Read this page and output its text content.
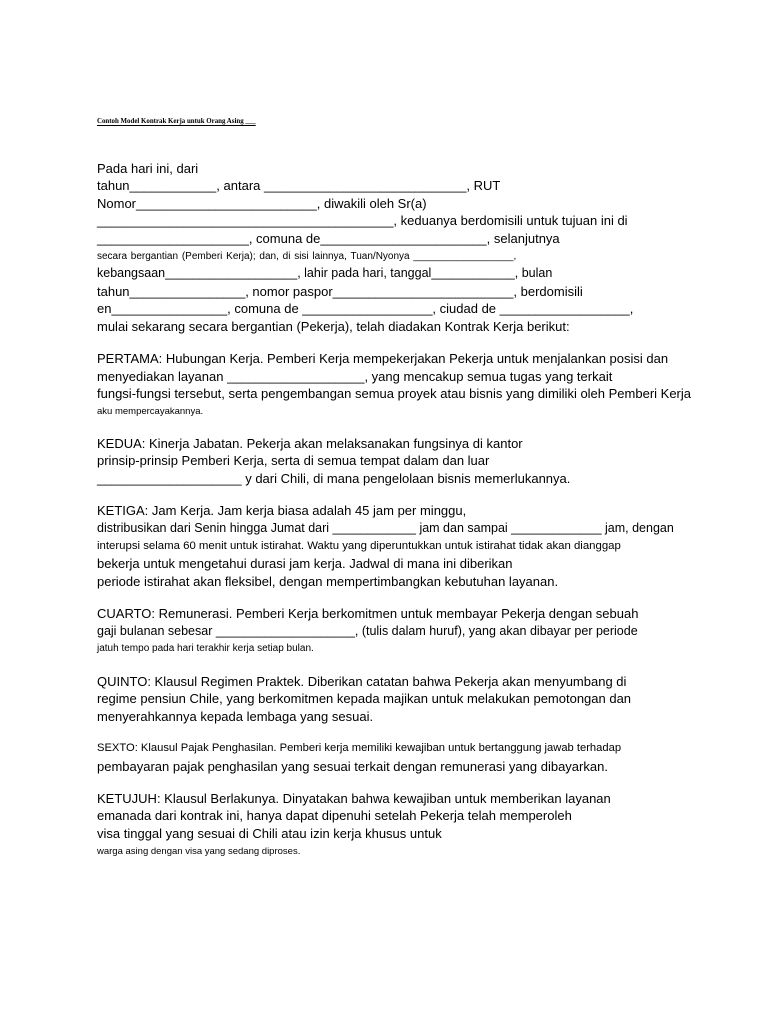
Contoh Model Kontrak Kerja untuk Orang Asing ___
Pada hari ini, dari
tahun____________, antara ____________________________, RUT
Nomor_________________________, diwakili oleh Sr(a)
_________________________________________, keduanya berdomisili untuk tujuan ini di
_____________________, comuna de_______________________, selanjutnya
secara bergantian (Pemberi Kerja); dan, di sisi lainnya, Tuan/Nyonya __________________,
kebangsaan___________________, lahir pada hari, tanggal____________, bulan
tahun________________, nomor paspor_________________________, berdomisili
en________________, comuna de __________________, ciudad de __________________,
mulai sekarang secara bergantian (Pekerja), telah diadakan Kontrak Kerja berikut:
PERTAMA: Hubungan Kerja. Pemberi Kerja mempekerjakan Pekerja untuk menjalankan posisi dan
menyediakan layanan ___________________, yang mencakup semua tugas yang terkait
fungsi-fungsi tersebut, serta pengembangan semua proyek atau bisnis yang dimiliki oleh Pemberi Kerja
aku mempercayakannya.
KEDUA: Kinerja Jabatan. Pekerja akan melaksanakan fungsinya di kantor
prinsip-prinsip Pemberi Kerja, serta di semua tempat dalam dan luar
____________________ y dari Chili, di mana pengelolaan bisnis memerlukannya.
KETIGA: Jam Kerja. Jam kerja biasa adalah 45 jam per minggu,
distribusikan dari Senin hingga Jumat dari ____________ jam dan sampai _____________ jam, dengan
interupsi selama 60 menit untuk istirahat. Waktu yang diperuntukkan untuk istirahat tidak akan dianggap
bekerja untuk mengetahui durasi jam kerja. Jadwal di mana ini diberikan
periode istirahat akan fleksibel, dengan mempertimbangkan kebutuhan layanan.
CUARTO: Remunerasi. Pemberi Kerja berkomitmen untuk membayar Pekerja dengan sebuah
gaji bulanan sebesar ____________________, (tulis dalam huruf), yang akan dibayar per periode
jatuh tempo pada hari terakhir kerja setiap bulan.
QUINTO: Klausul Regimen Praktek. Diberikan catatan bahwa Pekerja akan menyumbang di
regime pensiun Chile, yang berkomitmen kepada majikan untuk melakukan pemotongan dan
menyerahkannya kepada lembaga yang sesuai.
SEXTO: Klausul Pajak Penghasilan. Pemberi kerja memiliki kewajiban untuk bertanggung jawab terhadap
pembayaran pajak penghasilan yang sesuai terkait dengan remunerasi yang dibayarkan.
KETUJUH: Klausul Berlakunya. Dinyatakan bahwa kewajiban untuk memberikan layanan
emanada dari kontrak ini, hanya dapat dipenuhi setelah Pekerja telah memperoleh
visa tinggal yang sesuai di Chili atau izin kerja khusus untuk
warga asing dengan visa yang sedang diproses.
